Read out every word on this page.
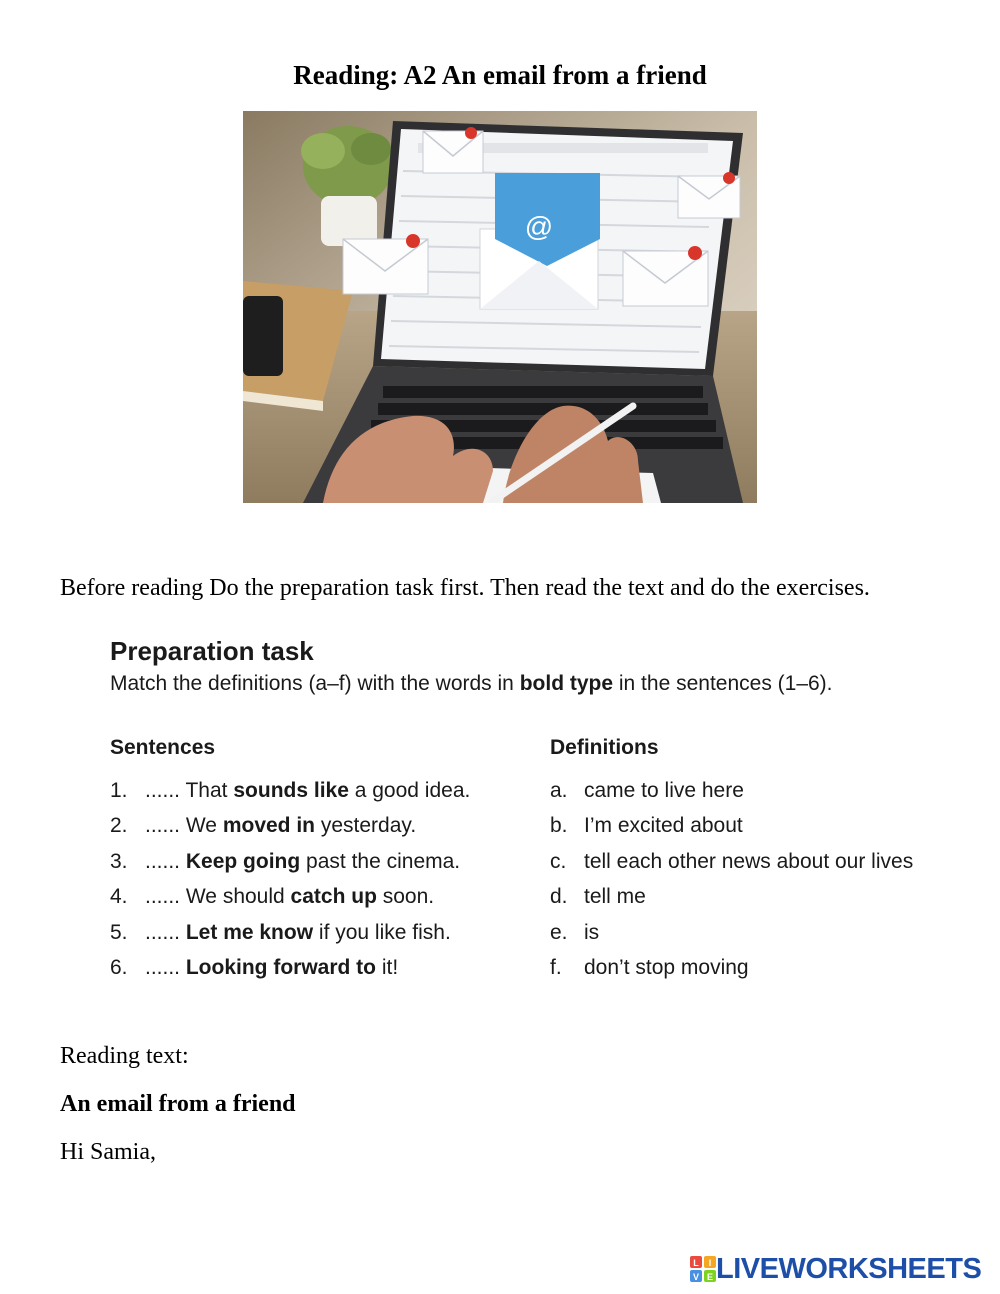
Reading: A2 An email from a friend
@
Before reading Do the preparation task first. Then read the text and do the exercises.
Preparation task
Match the definitions (a–f) with the words in bold type in the sentences (1–6).
Sentences	Definitions
1. ...... That sounds like a good idea.
2. ...... We moved in yesterday.
3. ...... Keep going past the cinema.
4. ...... We should catch up soon.
5. ...... Let me know if you like fish.
6. ...... Looking forward to it!
a. came to live here
b. I’m excited about
c. tell each other news about our lives
d. tell me
e. is
f. don’t stop moving
Reading text:
An email from a friend
Hi Samia,
L I
V E LIVEWORKSHEETS
